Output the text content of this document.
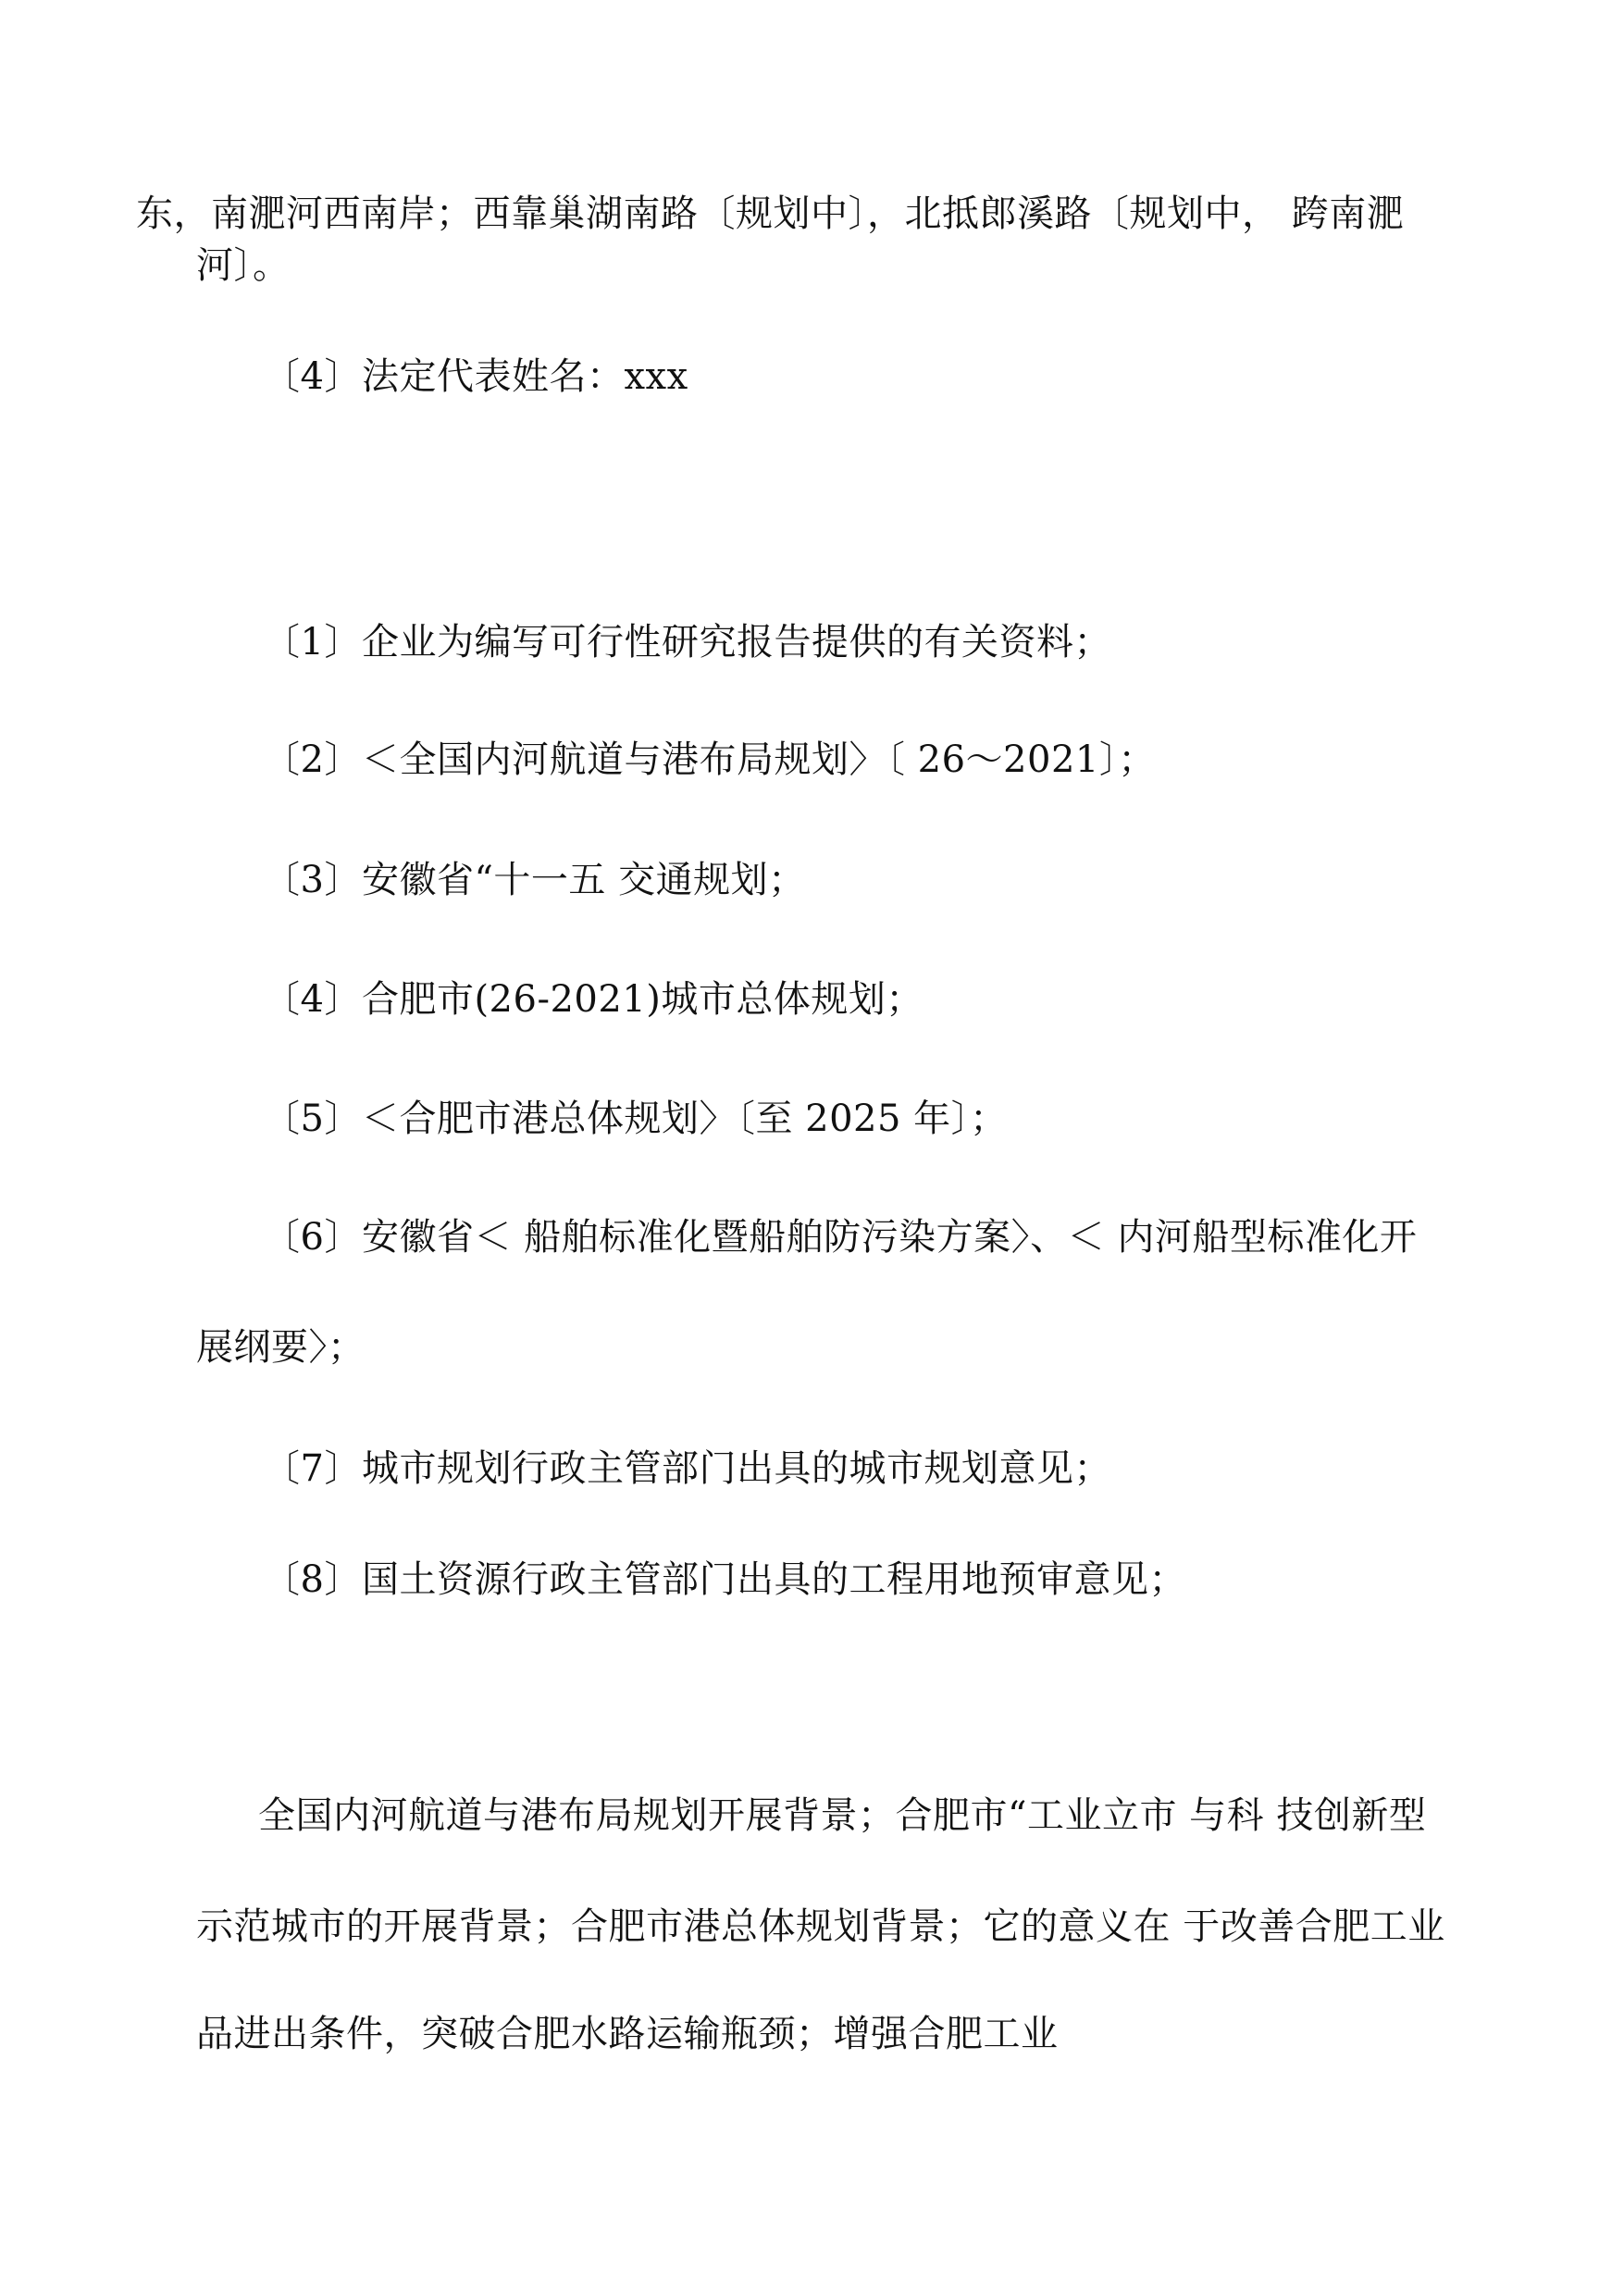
东，南淝河西南岸；西靠巢湖南路〔规划中〕，北抵郎溪路〔规划中， 跨南淝
河〕。
〔4〕法定代表姓名：xxx
〔1〕企业为编写可行性研究报告提供的有关资料；
〔2〕＜全国内河航道与港布局规划〉〔 26〜2021〕；
〔3〕安徽省“十一五 交通规划；
〔4〕合肥市(26-2021)城市总体规划；
〔5〕＜合肥市港总体规划〉〔至 2025 年〕；
〔6〕安徽省＜ 船舶标准化暨船舶防污染方案〉、＜ 内河船型标准化开
展纲要〉；
〔7〕城市规划行政主管部门出具的城市规划意见；
〔8〕国土资源行政主管部门出具的工程用地预审意见；
全国内河航道与港布局规划开展背景；合肥市“工业立市 与科 技创新型
示范城市的开展背景；合肥市港总体规划背景；它的意义在 于改善合肥工业
品进出条件，突破合肥水路运输瓶颈；增强合肥工业
